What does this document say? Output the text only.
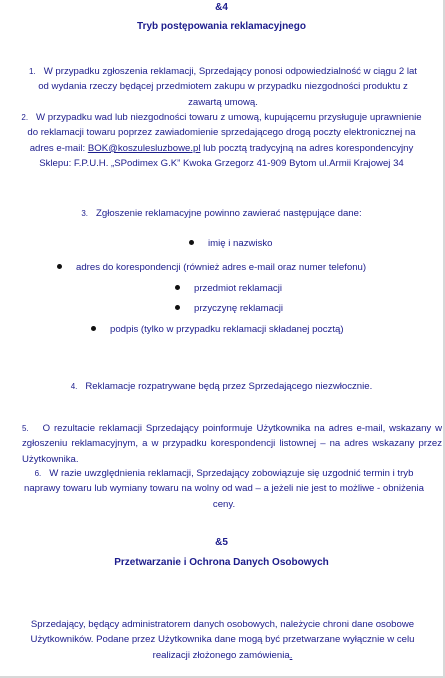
&4
Tryb postępowania reklamacyjnego
1. W przypadku zgłoszenia reklamacji, Sprzedający ponosi odpowiedzialność w ciągu 2 lat od wydania rzeczy będącej przedmiotem zakupu w przypadku niezgodności produktu z zawartą umową.
2. W przypadku wad lub niezgodności towaru z umową, kupującemu przysługuje uprawnienie do reklamacji towaru poprzez zawiadomienie sprzedającego drogą poczty elektronicznej na adres e-mail: BOK@koszulesluzbowe.pl lub pocztą tradycyjną na adres korespondencyjny Sklepu: F.P.U.H. „SPodimex G.K” Kwoka Grzegorz 41-909 Bytom ul.Armii Krajowej 34
3. Zgłoszenie reklamacyjne powinno zawierać następujące dane:
imię i nazwisko
adres do korespondencji (również adres e-mail oraz numer telefonu)
przedmiot reklamacji
przyczynę reklamacji
podpis (tylko w przypadku reklamacji składanej pocztą)
4. Reklamacje rozpatrywane będą przez Sprzedającego niezwłocznie.
5. O rezultacie reklamacji Sprzedający poinformuje Użytkownika na adres e-mail, wskazany w zgłoszeniu reklamacyjnym, a w przypadku korespondencji listownej – na adres wskazany przez Użytkownika.
6. W razie uwzględnienia reklamacji, Sprzedający zobowiązuje się uzgodnić termin i tryb naprawy towaru lub wymiany towaru na wolny od wad – a jeżeli nie jest to możliwe - obniżenia ceny.
&5
Przetwarzanie i Ochrona Danych Osobowych
Sprzedający, będący administratorem danych osobowych, należycie chroni dane osobowe Użytkowników. Podane przez Użytkownika dane mogą być przetwarzane wyłącznie w celu realizacji złożonego zamówienia.
